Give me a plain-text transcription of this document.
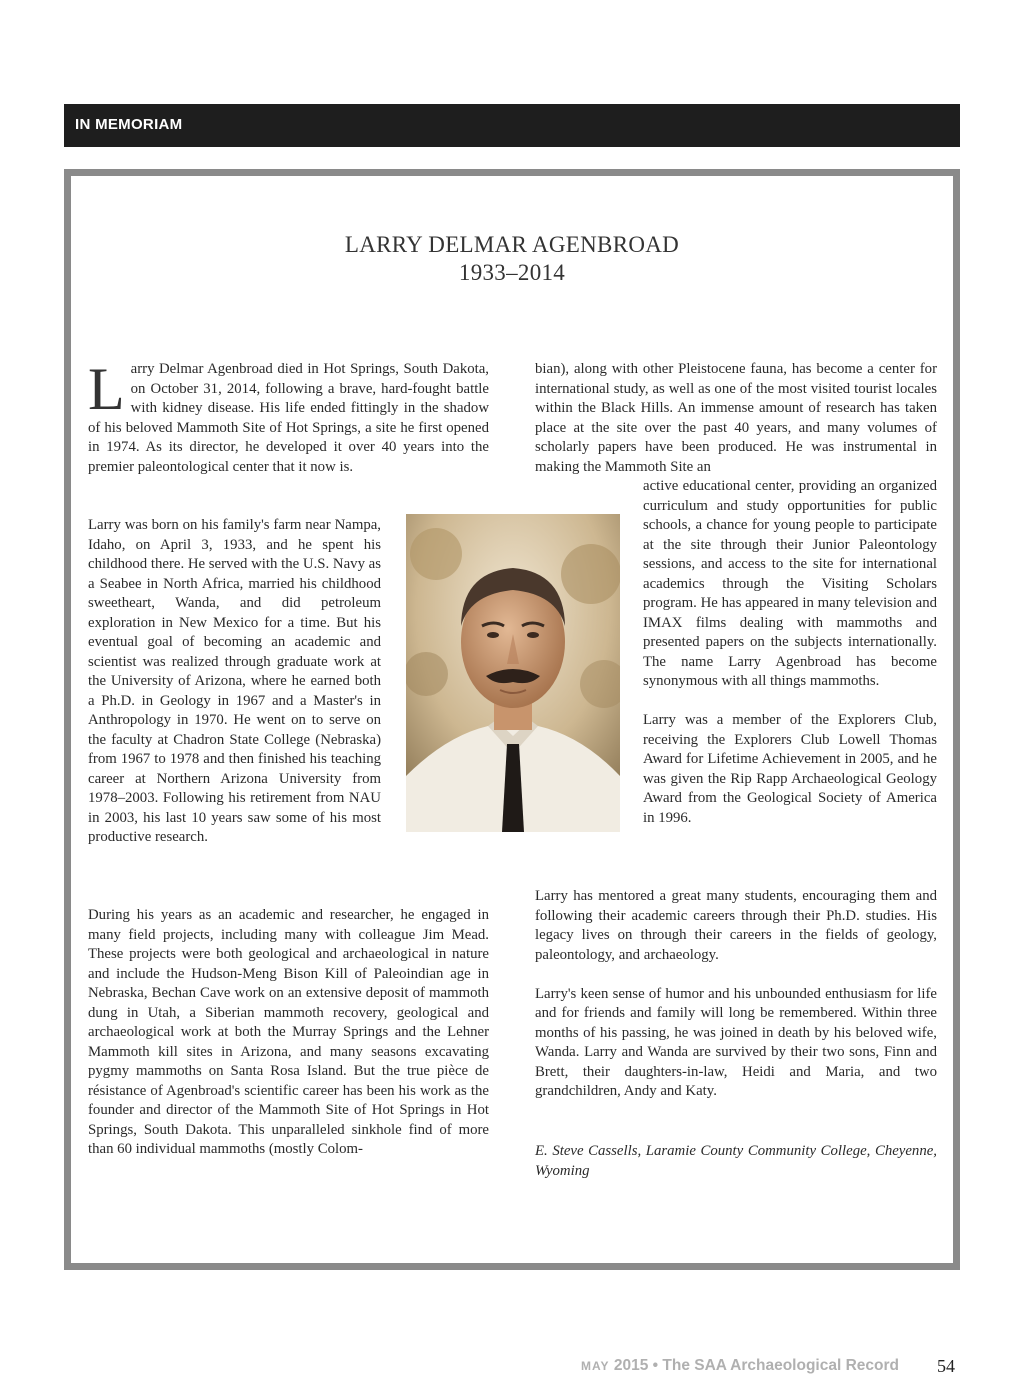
IN MEMORIAM
LARRY DELMAR AGENBROAD
1933–2014

Larry Delmar Agenbroad died in Hot Springs, South Dakota, on October 31, 2014, following a brave, hard-fought battle with kidney disease. His life ended fittingly in the shadow of his beloved Mammoth Site of Hot Springs, a site he first opened in 1974. As its director, he developed it over 40 years into the premier paleontological center that it now is.

Larry was born on his family's farm near Nampa, Idaho, on April 3, 1933, and he spent his childhood there. He served with the U.S. Navy as a Seabee in North Africa, married his childhood sweetheart, Wanda, and did petroleum exploration in New Mexico for a time. But his eventual goal of becoming an academic and scientist was realized through graduate work at the University of Arizona, where he earned both a Ph.D. in Geology in 1967 and a Master's in Anthropology in 1970. He went on to serve on the faculty at Chadron State College (Nebraska) from 1967 to 1978 and then finished his teaching career at Northern Arizona University from 1978–2003. Following his retirement from NAU in 2003, his last 10 years saw some of his most productive research.

During his years as an academic and researcher, he engaged in many field projects, including many with colleague Jim Mead. These projects were both geological and archaeological in nature and include the Hudson-Meng Bison Kill of Paleoindian age in Nebraska, Bechan Cave work on an extensive deposit of mammoth dung in Utah, a Siberian mammoth recovery, geological and archaeological work at both the Murray Springs and the Lehner Mammoth kill sites in Arizona, and many seasons excavating pygmy mammoths on Santa Rosa Island. But the true pièce de résistance of Agenbroad's scientific career has been his work as the founder and director of the Mammoth Site of Hot Springs in Hot Springs, South Dakota. This unparalleled sinkhole find of more than 60 individual mammoths (mostly Colom-

bian), along with other Pleistocene fauna, has become a center for international study, as well as one of the most visited tourist locales within the Black Hills. An immense amount of research has taken place at the site over the past 40 years, and many volumes of scholarly papers have been produced. He was instrumental in making the Mammoth Site an

active educational center, providing an organized curriculum and study opportunities for public schools, a chance for young people to participate at the site through their Junior Paleontology sessions, and access to the site for international academics through the Visiting Scholars program. He has appeared in many television and IMAX films dealing with mammoths and presented papers on the subjects internationally. The name Larry Agenbroad has become synonymous with all things mammoths.

Larry was a member of the Explorers Club, receiving the Explorers Club Lowell Thomas Award for Lifetime Achievement in 2005, and he was given the Rip Rapp Archaeological Geology Award from the Geological Society of America in 1996.

Larry has mentored a great many students, encouraging them and following their academic careers through their Ph.D. studies. His legacy lives on through their careers in the fields of geology, paleontology, and archaeology.

Larry's keen sense of humor and his unbounded enthusiasm for life and for friends and family will long be remembered. Within three months of his passing, he was joined in death by his beloved wife, Wanda. Larry and Wanda are survived by their two sons, Finn and Brett, their daughters-in-law, Heidi and Maria, and two grandchildren, Andy and Katy.

E. Steve Cassells, Laramie County Community College, Cheyenne, Wyoming
MAY 2015 • The SAA Archaeological Record 54
